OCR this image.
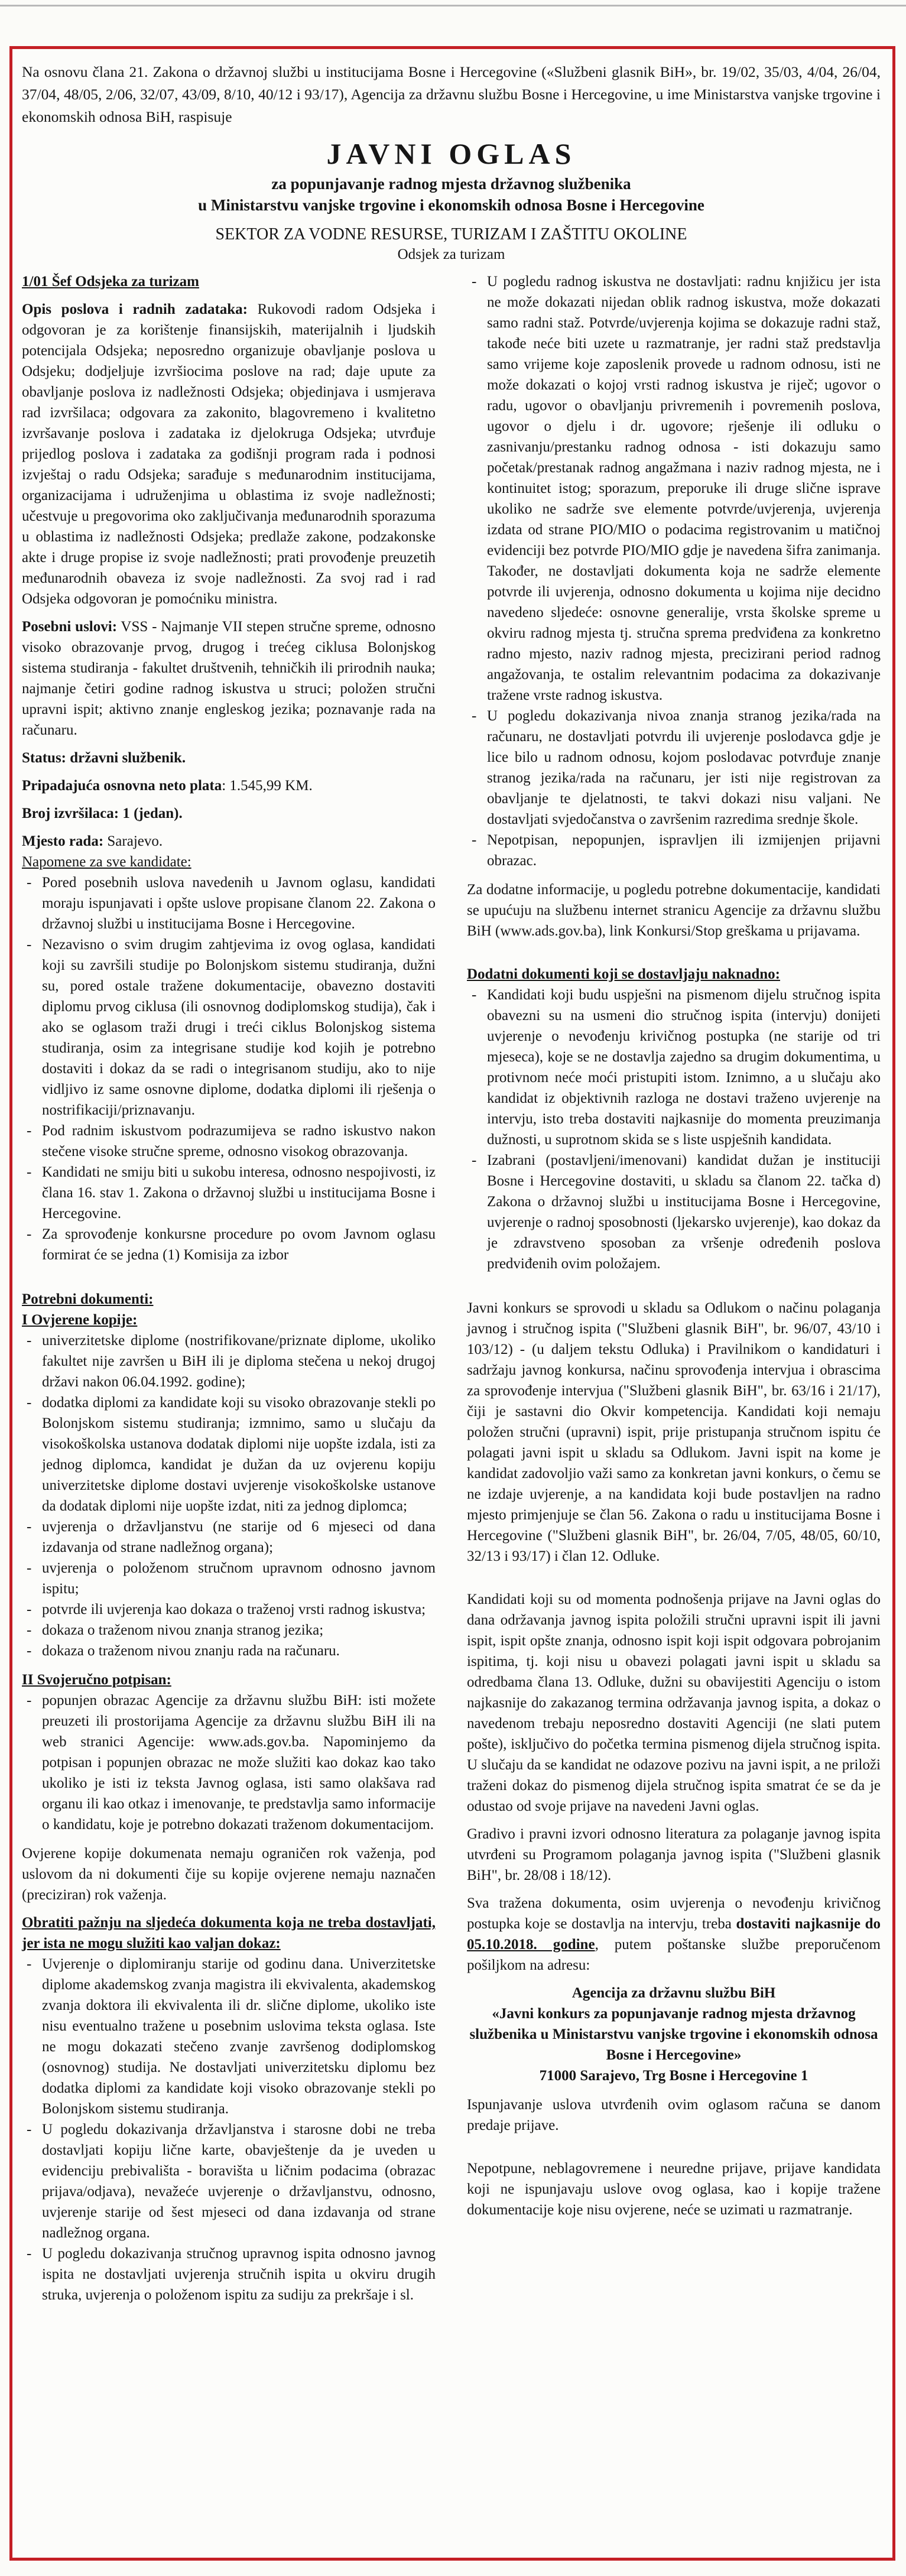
Na osnovu člana 21. Zakona o državnoj službi u institucijama Bosne i Hercegovine («Službeni glasnik BiH», br. 19/02, 35/03, 4/04, 26/04, 37/04, 48/05, 2/06, 32/07, 43/09, 8/10, 40/12 i 93/17), Agencija za državnu službu Bosne i Hercegovine, u ime Ministarstva vanjske trgovine i ekonomskih odnosa BiH, raspisuje

JAVNI OGLAS

za popunjavanje radnog mjesta državnog službenika

u Ministarstvu vanjske trgovine i ekonomskih odnosa Bosne i Hercegovine

SEKTOR ZA VODNE RESURSE, TURIZAM I ZAŠTITU OKOLINE
Odsjek za turizam

1/01 Šef Odsjeka za turizam

Opis poslova i radnih zadataka: Rukovodi radom Odsjeka i odgovoran je za korištenje finansijskih, materijalnih i ljudskih potencijala Odsjeka; neposredno organizuje obavljanje poslova u Odsjeku; dodjeljuje izvršiocima poslove na rad; daje upute za obavljanje poslova iz nadležnosti Odsjeka; objedinjava i usmjerava rad izvršilaca; odgovara za zakonito, blagovremeno i kvalitetno izvršavanje poslova i zadataka iz djelokruga Odsjeka; utvrđuje prijedlog poslova i zadataka za godišnji program rada i podnosi izvještaj o radu Odsjeka; sarađuje s međunarodnim institucijama, organizacijama i udruženjima u oblastima iz svoje nadležnosti; učestvuje u pregovorima oko zaključivanja međunarodnih sporazuma u oblastima iz nadležnosti Odsjeka; predlaže zakone, podzakonske akte i druge propise iz svoje nadležnosti; prati provođenje preuzetih međunarodnih obaveza iz svoje nadležnosti. Za svoj rad i rad Odsjeka odgovoran je pomoćniku ministra.

Posebni uslovi: VSS - Najmanje VII stepen stručne spreme, odnosno visoko obrazovanje prvog, drugog i trećeg ciklusa Bolonjskog sistema studiranja - fakultet društvenih, tehničkih ili prirodnih nauka; najmanje četiri godine radnog iskustva u struci; položen stručni upravni ispit; aktivno znanje engleskog jezika; poznavanje rada na računaru.

Status: državni službenik.

Pripadajuća osnovna neto plata: 1.545,99 KM.

Broj izvršilaca: 1 (jedan).

Mjesto rada: Sarajevo.

Napomene za sve kandidate:

- Pored posebnih uslova navedenih u Javnom oglasu, kandidati moraju ispunjavati i opšte uslove propisane članom 22. Zakona o državnoj službi u institucijama Bosne i Hercegovine.
- Nezavisno o svim drugim zahtjevima iz ovog oglasa, kandidati koji su završili studije po Bolonjskom sistemu studiranja, dužni su, pored ostale tražene dokumentacije, obavezno dostaviti diplomu prvog ciklusa (ili osnovnog dodiplomskog studija), čak i ako se oglasom traži drugi i treći ciklus Bolonjskog sistema studiranja, osim za integrisane studije kod kojih je potrebno dostaviti i dokaz da se radi o integrisanom studiju, ako to nije vidljivo iz same osnovne diplome, dodatka diplomi ili rješenja o nostrifikaciji/priznavanju.
- Pod radnim iskustvom podrazumijeva se radno iskustvo nakon stečene visoke stručne spreme, odnosno visokog obrazovanja.
- Kandidati ne smiju biti u sukobu interesa, odnosno nespojivosti, iz člana 16. stav 1. Zakona o državnoj službi u institucijama Bosne i Hercegovine.
- Za sprovođenje konkursne procedure po ovom Javnom oglasu formirat će se jedna (1) Komisija za izbor

Potrebni dokumenti:

I Ovjerene kopije:

- univerzitetske diplome (nostrifikovane/priznate diplome, ukoliko fakultet nije završen u BiH ili je diploma stečena u nekoj drugoj državi nakon 06.04.1992. godine);
- dodatka diplomi za kandidate koji su visoko obrazovanje stekli po Bolonjskom sistemu studiranja; izmnimo, samo u slučaju da visokoškolska ustanova dodatak diplomi nije uopšte izdala, isti za jednog diplomca, kandidat je dužan da uz ovjerenu kopiju univerzitetske diplome dostavi uvjerenje visokoškolske ustanove da dodatak diplomi nije uopšte izdat, niti za jednog diplomca;
- uvjerenja o državljanstvu (ne starije od 6 mjeseci od dana izdavanja od strane nadležnog organa);
- uvjerenja o položenom stručnom upravnom odnosno javnom ispitu;
- potvrde ili uvjerenja kao dokaza o traženoj vrsti radnog iskustva;
- dokaza o traženom nivou znanja stranog jezika;
- dokaza o traženom nivou znanju rada na računaru.

II Svojeručno potpisan:

- popunjen obrazac Agencije za državnu službu BiH: isti možete preuzeti ili prostorijama Agencije za državnu službu BiH ili na web stranici Agencije: www.ads.gov.ba. Napominjemo da potpisan i popunjen obrazac ne može služiti kao dokaz kao tako ukoliko je isti iz teksta Javnog oglasa, isti samo olakšava rad organu ili kao otkaz i imenovanje, te predstavlja samo informacije o kandidatu, koje je potrebno dokazati traženom dokumentacijom.

Ovjerene kopije dokumenata nemaju ograničen rok važenja, pod uslovom da ni dokumenti čije su kopije ovjerene nemaju naznačen (preciziran) rok važenja.

Obratiti pažnju na sljedeća dokumenta koja ne treba dostavljati, jer ista ne mogu služiti kao valjan dokaz:

- Uvjerenje o diplomiranju starije od godinu dana. Univerzitetske diplome akademskog zvanja magistra ili ekvivalenta, akademskog zvanja doktora ili ekvivalenta ili dr. slične diplome, ukoliko iste nisu eventualno tražene u posebnim uslovima teksta oglasa. Iste ne mogu dokazati stečeno zvanje završenog dodiplomskog (osnovnog) studija. Ne dostavljati univerzitetsku diplomu bez dodatka diplomi za kandidate koji visoko obrazovanje stekli po Bolonjskom sistemu studiranja.
- U pogledu dokazivanja državljanstva i starosne dobi ne treba dostavljati kopiju lične karte, obavještenje da je uveden u evidenciju prebivališta - boravišta u ličnim podacima (obrazac prijava/odjava), nevažeće uvjerenje o državljanstvu, odnosno, uvjerenje starije od šest mjeseci od dana izdavanja od strane nadležnog organa.
- U pogledu dokazivanja stručnog upravnog ispita odnosno javnog ispita ne dostavljati uvjerenja stručnih ispita u okviru drugih struka, uvjerenja o položenom ispitu za sudiju za prekršaje i sl.
- U pogledu radnog iskustva ne dostavljati: radnu knjižicu jer ista ne može dokazati nijedan oblik radnog iskustva, može dokazati samo radni staž. Potvrde/uvjerenja kojima se dokazuje radni staž, takođe neće biti uzete u razmatranje, jer radni staž predstavlja samo vrijeme koje zaposlenik provede u radnom odnosu, isti ne može dokazati o kojoj vrsti radnog iskustva je riječ; ugovor o radu, ugovor o obavljanju privremenih i povremenih poslova, ugovor o djelu i dr. ugovore; rješenje ili odluku o zasnivanju/prestanku radnog odnosa - isti dokazuju samo početak/prestanak radnog angažmana i naziv radnog mjesta, ne i kontinuitet istog; sporazum, preporuke ili druge slične isprave ukoliko ne sadrže sve elemente potvrde/uvjerenja, uvjerenja izdata od strane PIO/MIO o podacima registrovanim u matičnoj evidenciji bez potvrde PIO/MIO gdje je navedena šifra zanimanja. Također, ne dostavljati dokumenta koja ne sadrže elemente potvrde ili uvjerenja, odnosno dokumenta u kojima nije decidno navedeno sljedeće: osnovne generalije, vrsta školske spreme u okviru radnog mjesta tj. stručna sprema predviđena za konkretno radno mjesto, naziv radnog mjesta, precizirani period radnog angažovanja, te ostalim relevantnim podacima za dokazivanje tražene vrste radnog iskustva.
- U pogledu dokazivanja nivoa znanja stranog jezika/rada na računaru, ne dostavljati potvrdu ili uvjerenje poslodavca gdje je lice bilo u radnom odnosu, kojom poslodavac potvrđuje znanje stranog jezika/rada na računaru, jer isti nije registrovan za obavljanje te djelatnosti, te takvi dokazi nisu valjani. Ne dostavljati svjedočanstva o završenim razredima srednje škole.
- Nepotpisan, nepopunjen, ispravljen ili izmijenjen prijavni obrazac.

Za dodatne informacije, u pogledu potrebne dokumentacije, kandidati se upućuju na službenu internet stranicu Agencije za državnu službu BiH (www.ads.gov.ba), link Konkursi/Stop greškama u prijavama.

Dodatni dokumenti koji se dostavljaju naknadno:

- Kandidati koji budu uspješni na pismenom dijelu stručnog ispita obavezni su na usmeni dio stručnog ispita (intervju) donijeti uvjerenje o nevođenju krivičnog postupka (ne starije od tri mjeseca), koje se ne dostavlja zajedno sa drugim dokumentima, u protivnom neće moći pristupiti istom. Iznimno, a u slučaju ako kandidat iz objektivnih razloga ne dostavi traženo uvjerenje na intervju, isto treba dostaviti najkasnije do momenta preuzimanja dužnosti, u suprotnom skida se s liste uspješnih kandidata.
- Izabrani (postavljeni/imenovani) kandidat dužan je instituciji Bosne i Hercegovine dostaviti, u skladu sa članom 22. tačka d) Zakona o državnoj službi u institucijama Bosne i Hercegovine, uvjerenje o radnoj sposobnosti (ljekarsko uvjerenje), kao dokaz da je zdravstveno sposoban za vršenje određenih poslova predviđenih ovim položajem.

Javni konkurs se sprovodi u skladu sa Odlukom o načinu polaganja javnog i stručnog ispita ("Službeni glasnik BiH", br. 96/07, 43/10 i 103/12) - (u daljem tekstu Odluka) i Pravilnikom o kandidaturi i sadržaju javnog konkursa, načinu sprovođenja intervjua i obrascima za sprovođenje intervjua ("Službeni glasnik BiH", br. 63/16 i 21/17), čiji je sastavni dio Okvir kompetencija. Kandidati koji nemaju položen stručni (upravni) ispit, prije pristupanja stručnom ispitu će polagati javni ispit u skladu sa Odlukom. Javni ispit na kome je kandidat zadovoljio važi samo za konkretan javni konkurs, o čemu se ne izdaje uvjerenje, a na kandidata koji bude postavljen na radno mjesto primjenjuje se član 56. Zakona o radu u institucijama Bosne i Hercegovine ("Službeni glasnik BiH", br. 26/04, 7/05, 48/05, 60/10, 32/13 i 93/17) i član 12. Odluke.

Kandidati koji su od momenta podnošenja prijave na Javni oglas do dana održavanja javnog ispita položili stručni upravni ispit ili javni ispit, ispit opšte znanja, odnosno ispit koji ispit odgovara pobrojanim ispitima, tj. koji nisu u obavezi polagati javni ispit u skladu sa odredbama člana 13. Odluke, dužni su obavijestiti Agenciju o istom najkasnije do zakazanog termina održavanja javnog ispita, a dokaz o navedenom trebaju neposredno dostaviti Agenciji (ne slati putem pošte), isključivo do početka termina pismenog dijela stručnog ispita. U slučaju da se kandidat ne odazove pozivu na javni ispit, a ne priloži traženi dokaz do pismenog dijela stručnog ispita smatrat će se da je odustao od svoje prijave na navedeni Javni oglas.

Gradivo i pravni izvori odnosno literatura za polaganje javnog ispita utvrđeni su Programom polaganja javnog ispita ("Službeni glasnik BiH", br. 28/08 i 18/12).

Sva tražena dokumenta, osim uvjerenja o nevođenju krivičnog postupka koje se dostavlja na intervju, treba dostaviti najkasnije do 05.10.2018. godine, putem poštanske službe preporučenom pošiljkom na adresu:

Agencija za državnu službu BiH
«Javni konkurs za popunjavanje radnog mjesta državnog službenika u Ministarstvu vanjske trgovine i ekonomskih odnosa Bosne i Hercegovine»
71000 Sarajevo, Trg Bosne i Hercegovine 1

Ispunjavanje uslova utvrđenih ovim oglasom računa se danom predaje prijave.

Nepotpune, neblagovremene i neuredne prijave, prijave kandidata koji ne ispunjavaju uslove ovog oglasa, kao i kopije tražene dokumentacije koje nisu ovjerene, neće se uzimati u razmatranje.
